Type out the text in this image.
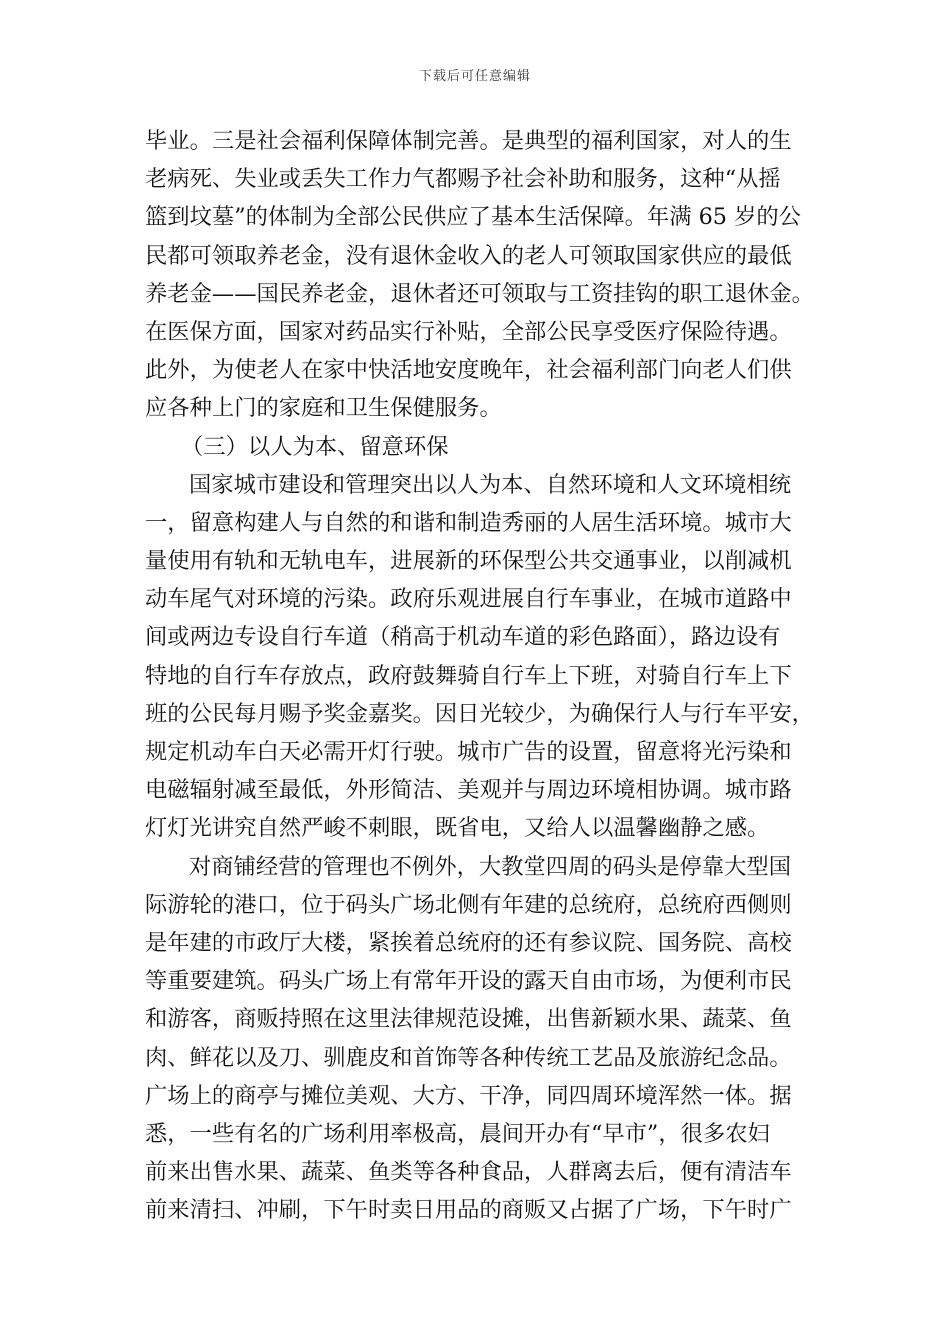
下载后可任意编辑
毕业。三是社会福利保障体制完善。是典型的福利国家，对人的生
老病死、失业或丢失工作力气都赐予社会补助和服务，这种“从摇
篮到坟墓”的体制为全部公民供应了基本生活保障。年满 65 岁的公
民都可领取养老金，没有退休金收入的老人可领取国家供应的最低
养老金——国民养老金，退休者还可领取与工资挂钩的职工退休金。
在医保方面，国家对药品实行补贴，全部公民享受医疗保险待遇。
此外，为使老人在家中快活地安度晚年，社会福利部门向老人们供
应各种上门的家庭和卫生保健服务。
（三）以人为本、留意环保
国家城市建设和管理突出以人为本、自然环境和人文环境相统
一，留意构建人与自然的和谐和制造秀丽的人居生活环境。城市大
量使用有轨和无轨电车，进展新的环保型公共交通事业，以削减机
动车尾气对环境的污染。政府乐观进展自行车事业，在城市道路中
间或两边专设自行车道（稍高于机动车道的彩色路面），路边设有
特地的自行车存放点，政府鼓舞骑自行车上下班，对骑自行车上下
班的公民每月赐予奖金嘉奖。因日光较少，为确保行人与行车平安，
规定机动车白天必需开灯行驶。城市广告的设置，留意将光污染和
电磁辐射减至最低，外形简洁、美观并与周边环境相协调。城市路
灯灯光讲究自然严峻不刺眼，既省电，又给人以温馨幽静之感。
对商铺经营的管理也不例外，大教堂四周的码头是停靠大型国
际游轮的港口，位于码头广场北侧有年建的总统府，总统府西侧则
是年建的市政厅大楼，紧挨着总统府的还有参议院、国务院、高校
等重要建筑。码头广场上有常年开设的露天自由市场，为便利市民
和游客，商贩持照在这里法律规范设摊，出售新颖水果、蔬菜、鱼
肉、鲜花以及刀、驯鹿皮和首饰等各种传统工艺品及旅游纪念品。
广场上的商亭与摊位美观、大方、干净，同四周环境浑然一体。据
悉，一些有名的广场利用率极高，晨间开办有“早市”，很多农妇
前来出售水果、蔬菜、鱼类等各种食品，人群离去后，便有清洁车
前来清扫、冲刷，下午时卖日用品的商贩又占据了广场，下午时广
